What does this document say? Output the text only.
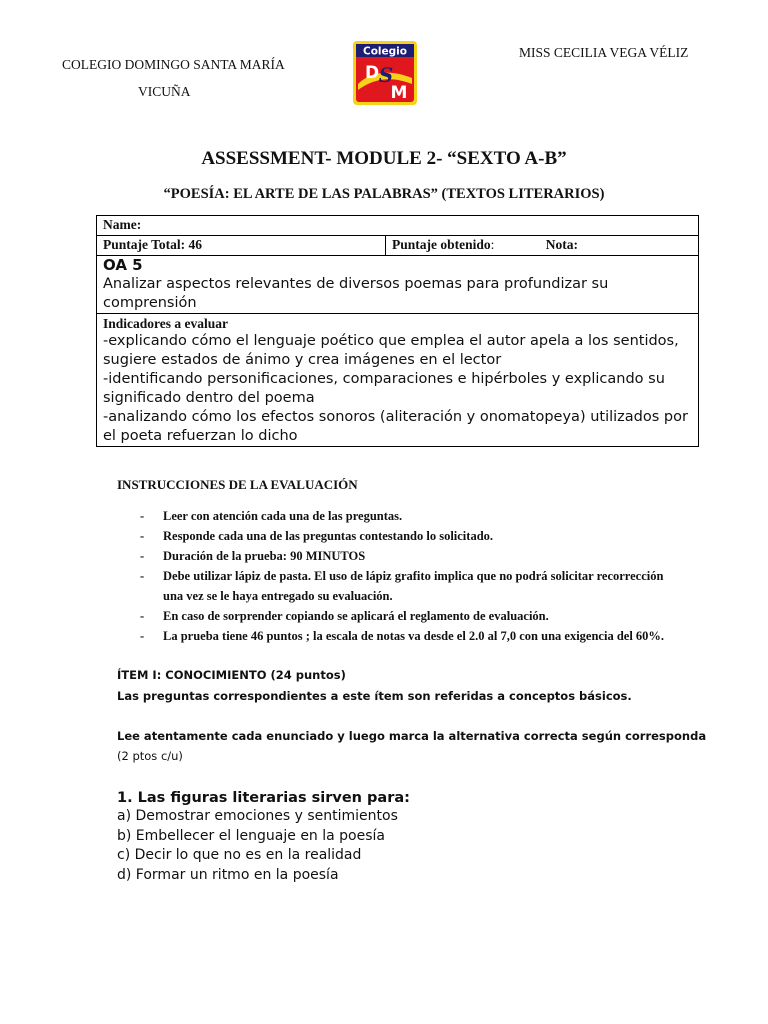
COLEGIO DOMINGO SANTA MARÍA
VICUÑA
MISS CECILIA VEGA VÉLIZ
Colegio
D S
M
ASSESSMENT- MODULE 2- “SEXTO A-B”
“POESÍA: EL ARTE DE LAS PALABRAS” (TEXTOS LITERARIOS)
Name:
Puntaje Total: 46	Puntaje obtenido:	Nota:

OA 5
Analizar aspectos relevantes de diversos poemas para profundizar su comprensión

Indicadores a evaluar
-explicando cómo el lenguaje poético que emplea el autor apela a los sentidos, sugiere estados de ánimo y crea imágenes en el lector
-identificando personificaciones, comparaciones e hipérboles y explicando su significado dentro del poema
-analizando cómo los efectos sonoros (aliteración y onomatopeya) utilizados por el poeta refuerzan lo dicho
INSTRUCCIONES DE LA EVALUACIÓN
- Leer con atención cada una de las preguntas.
- Responde cada una de las preguntas contestando lo solicitado.
- Duración de la prueba: 90 MINUTOS
- Debe utilizar lápiz de pasta. El uso de lápiz grafito implica que no podrá solicitar recorrección una vez se le haya entregado su evaluación.
- En caso de sorprender copiando se aplicará el reglamento de evaluación.
- La prueba tiene 46 puntos ; la escala de notas va desde el 2.0 al 7,0 con una exigencia del 60%.
ÍTEM I: CONOCIMIENTO (24 puntos)
Las preguntas correspondientes a este ítem son referidas a conceptos básicos.
Lee atentamente cada enunciado y luego marca la alternativa correcta según corresponda
(2 ptos c/u)
1. Las figuras literarias sirven para:
a) Demostrar emociones y sentimientos
b) Embellecer el lenguaje en la poesía
c) Decir lo que no es en la realidad
d) Formar un ritmo en la poesía
